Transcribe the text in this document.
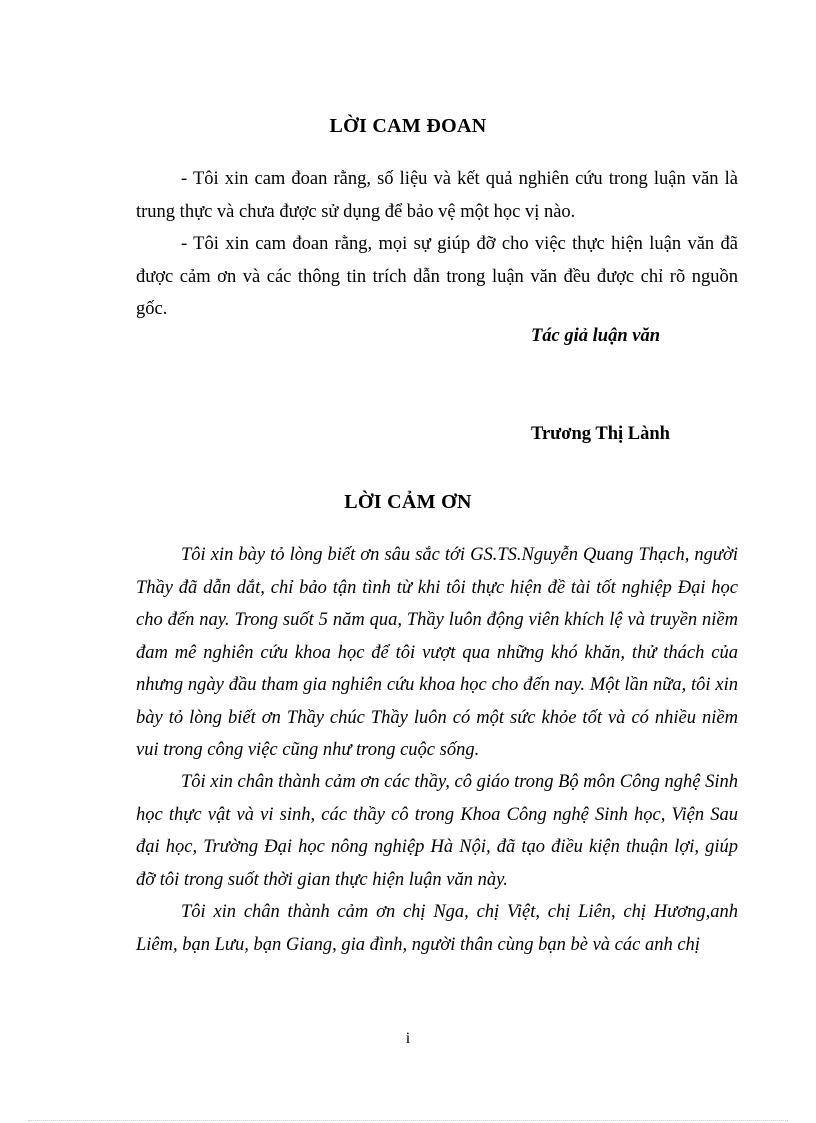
LỜI CAM ĐOAN

- Tôi xin cam đoan rằng, số liệu và kết quả nghiên cứu trong luận văn là trung thực và chưa được sử dụng để bảo vệ một học vị nào.

- Tôi xin cam đoan rằng, mọi sự giúp đỡ cho việc thực hiện luận văn đã được cảm ơn và các thông tin trích dẫn trong luận văn đều được chỉ rõ nguồn gốc.

Tác giả luận văn
Trương Thị Lành
LỜI CẢM ƠN

Tôi xin bày tỏ lòng biết ơn sâu sắc tới GS.TS.Nguyễn Quang Thạch, người Thầy đã dẫn dắt, chỉ bảo tận tình từ khi tôi thực hiện đề tài tốt nghiệp Đại học cho đến nay. Trong suốt 5 năm qua, Thầy luôn động viên khích lệ và truyền niềm đam mê nghiên cứu khoa học để tôi vượt qua những khó khăn, thử thách của nhưng ngày đầu tham gia nghiên cứu khoa học cho đến nay. Một lần nữa, tôi xin bày tỏ lòng biết ơn Thầy chúc Thầy luôn có một sức khỏe tốt và có nhiều niềm vui trong công việc cũng như trong cuộc sống.

Tôi xin chân thành cảm ơn các thầy, cô giáo trong Bộ môn Công nghệ Sinh học thực vật và vi sinh, các thầy cô trong Khoa Công nghệ Sinh học, Viện Sau đại học, Trường Đại học nông nghiệp Hà Nội, đã tạo điều kiện thuận lợi, giúp đỡ tôi trong suốt thời gian thực hiện luận văn này.

Tôi xin chân thành cảm ơn chị Nga, chị Việt, chị Liên, chị Hương,anh Liêm, bạn Lưu, bạn Giang, gia đình, người thân cùng bạn bè và các anh chị

i
